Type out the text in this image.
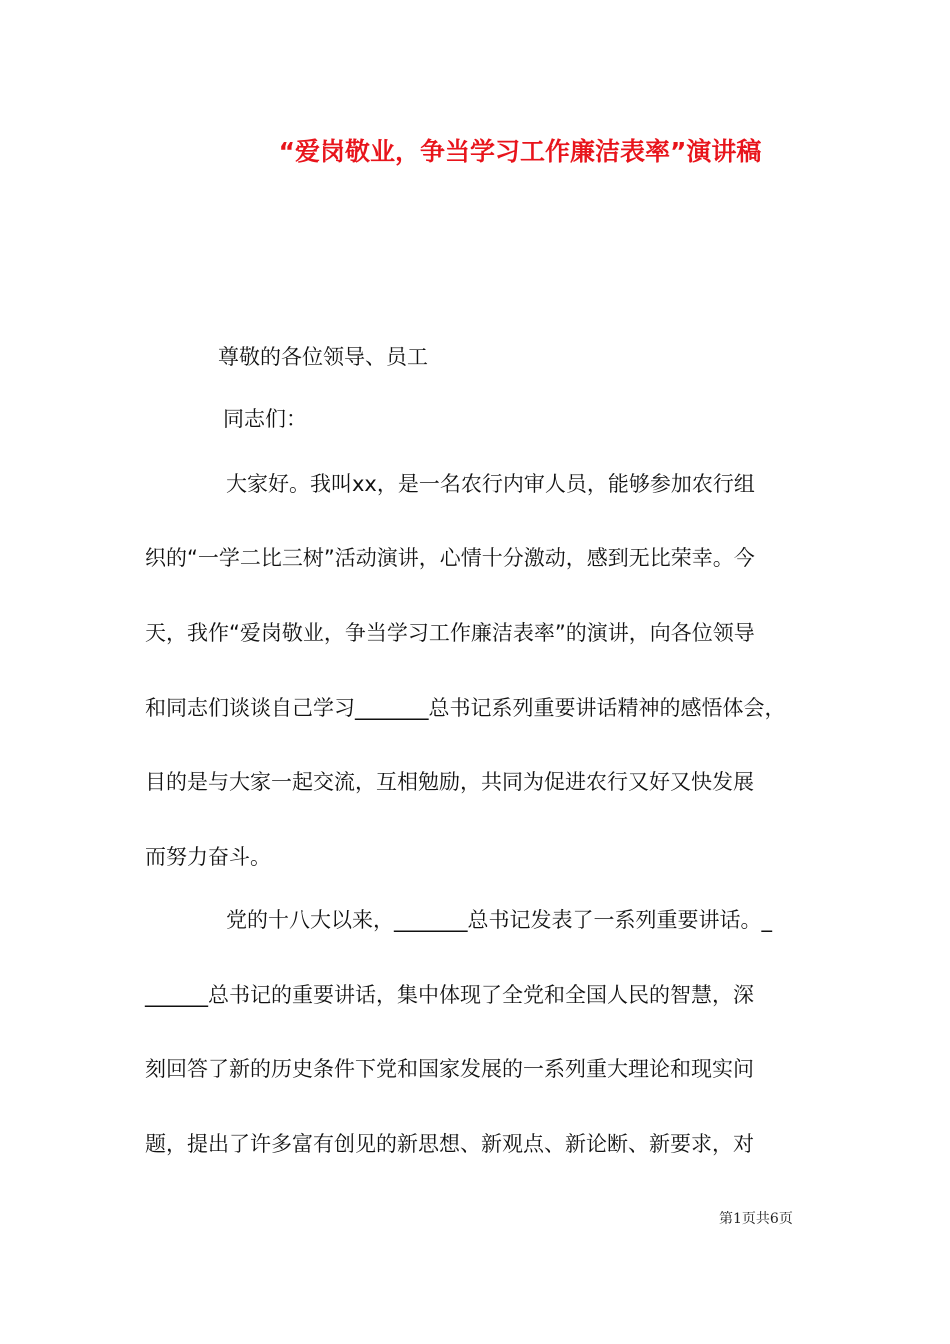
“爱岗敬业，争当学习工作廉洁表率”演讲稿
尊敬的各位领导、员工
同志们：
大家好。我叫xx，是一名农行内审人员，能够参加农行组
织的“一学二比三树”活动演讲，心情十分激动，感到无比荣幸。今
天，我作“爱岗敬业，争当学习工作廉洁表率”的演讲，向各位领导
和同志们谈谈自己学习_______总书记系列重要讲话精神的感悟体会，
目的是与大家一起交流，互相勉励，共同为促进农行又好又快发展
而努力奋斗。
党的十八大以来，_______总书记发表了一系列重要讲话。_
______总书记的重要讲话，集中体现了全党和全国人民的智慧，深
刻回答了新的历史条件下党和国家发展的一系列重大理论和现实问
题，提出了许多富有创见的新思想、新观点、新论断、新要求，对
第1页共6页
